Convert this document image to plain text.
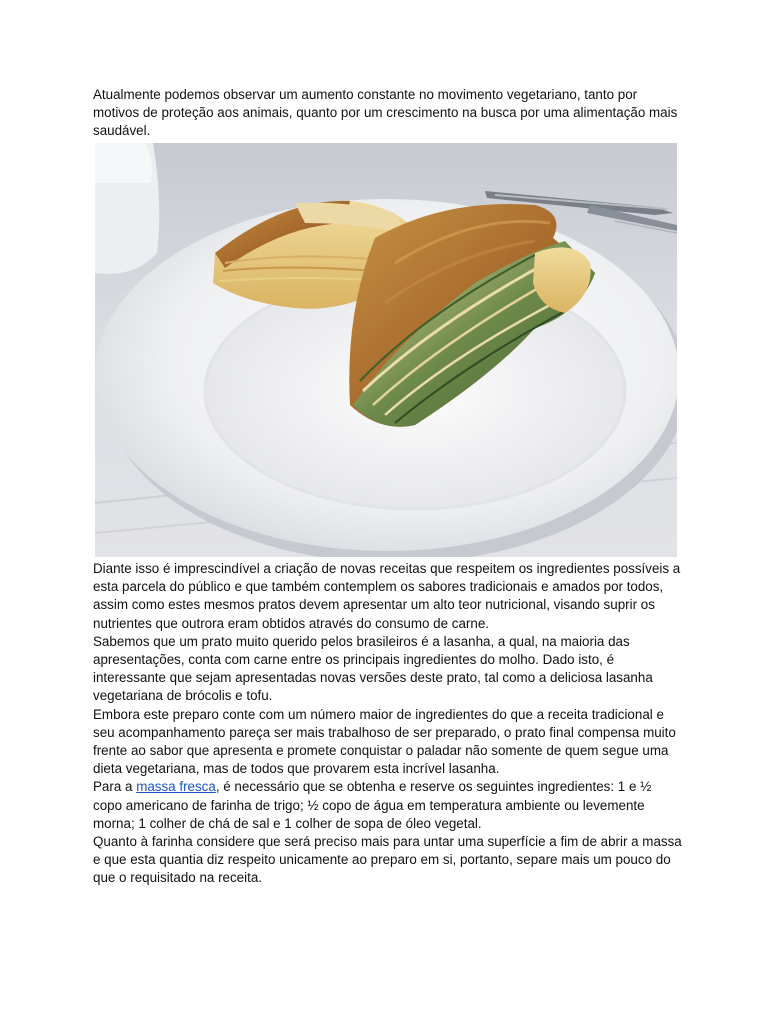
Atualmente podemos observar um aumento constante no movimento vegetariano, tanto por motivos de proteção aos animais, quanto por um crescimento na busca por uma alimentação mais saudável.

Diante isso é imprescindível a criação de novas receitas que respeitem os ingredientes possíveis a esta parcela do público e que também contemplem os sabores tradicionais e amados por todos, assim como estes mesmos pratos devem apresentar um alto teor nutricional, visando suprir os nutrientes que outrora eram obtidos através do consumo de carne.

Sabemos que um prato muito querido pelos brasileiros é a lasanha, a qual, na maioria das apresentações, conta com carne entre os principais ingredientes do molho. Dado isto, é interessante que sejam apresentadas novas versões deste prato, tal como a deliciosa lasanha vegetariana de brócolis e tofu.

Embora este preparo conte com um número maior de ingredientes do que a receita tradicional e seu acompanhamento pareça ser mais trabalhoso de ser preparado, o prato final compensa muito frente ao sabor que apresenta e promete conquistar o paladar não somente de quem segue uma dieta vegetariana, mas de todos que provarem esta incrível lasanha.

Para a massa fresca, é necessário que se obtenha e reserve os seguintes ingredientes: 1 e ½ copo americano de farinha de trigo; ½ copo de água em temperatura ambiente ou levemente morna; 1 colher de chá de sal e 1 colher de sopa de óleo vegetal.

Quanto à farinha considere que será preciso mais para untar uma superfície a fim de abrir a massa e que esta quantia diz respeito unicamente ao preparo em si, portanto, separe mais um pouco do que o requisitado na receita.
